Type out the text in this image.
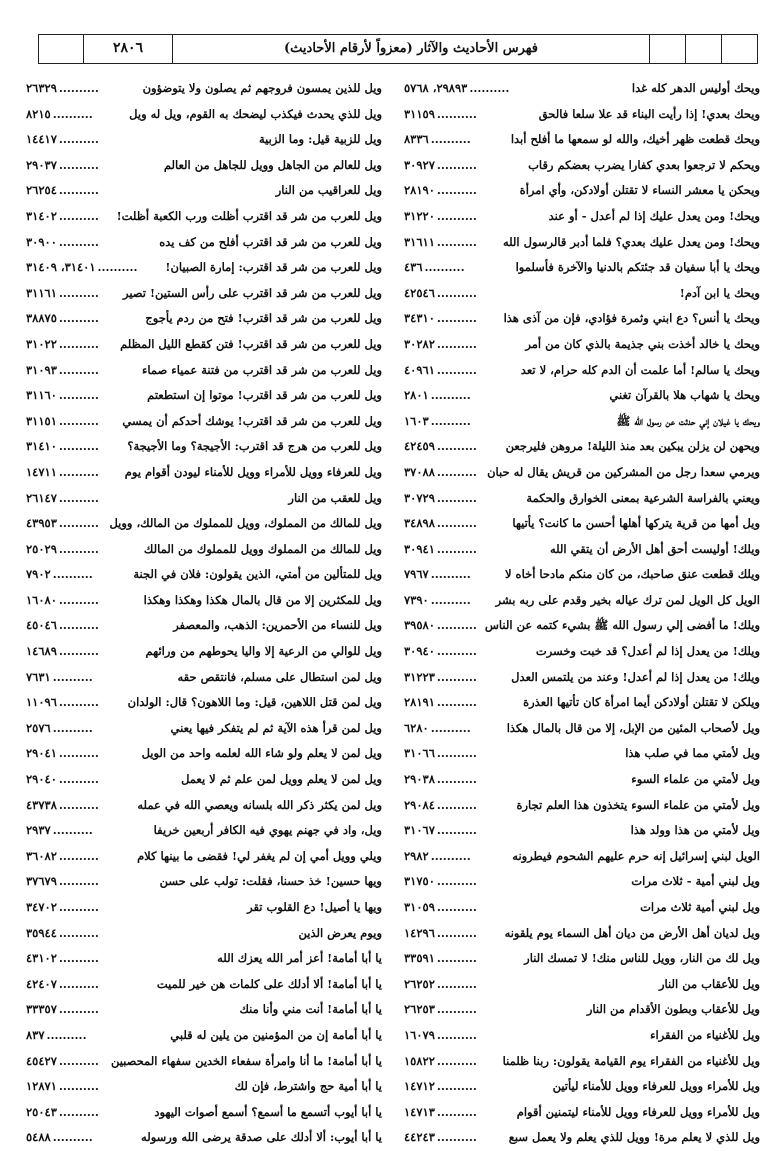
فهرس الأحاديث والآثار (معزواً لأرقام الأحاديث)
٢٨٠٦
ويحك أوليس الدهر كله غدا
..........
٢٩٨٩٣، ٥٧٦٨
ويحك بعدي! إذا رأيت البناء قد علا سلعا فالحق
..........
٣١١٥٩
ويحك قطعت ظهر أخيك، والله لو سمعها ما أفلح أبدا
..........
٨٣٣٦
ويحكم لا ترجعوا بعدي كفارا يضرب بعضكم رقاب
..........
٣٠٩٢٧
ويحكن يا معشر النساء لا تقتلن أولادكن، وأي امرأة
..........
٢٨١٩٠
ويحك! ومن يعدل عليك إذا لم أعدل - أو عند
..........
٣١٢٢٠
ويحك! ومن يعدل عليك بعدي؟ فلما أدبر قالرسول الله
..........
٣١٦١١
ويحك يا أبا سفيان قد جئتكم بالدنيا والآخرة فأسلموا
..........
٤٣٦
ويحك يا ابن آدم!
..........
٤٢٥٤٦
ويحك يا أنس؟ دع ابني وثمرة فؤادي، فإن من آذى هذا
..........
٣٤٣١٠
ويحك يا خالد أخذت بني جذيمة بالذي كان من أمر
..........
٣٠٢٨٢
ويحك يا سالم! أما علمت أن الدم كله حرام، لا تعد
..........
٤٠٩٦١
ويحك يا شهاب هلا بالقرآن تغني
..........
٢٨٠١
ويحك يا غيلان إني حدثت عن رسول الله ﷺ
..........
١٦٠٣
ويحهن لن يزلن يبكين بعد منذ الليلة! مروهن فليرجعن
..........
٤٢٤٥٩
ويرمي سعدا رجل من المشركين من قريش يقال له حبان
..........
٣٧٠٨٨
ويعني بالفراسة الشرعية بمعنى الخوارق والحكمة
..........
٣٠٧٢٩
ويل أمها من قرية يتركها أهلها أحسن ما كانت؟ يأتيها
..........
٣٤٨٩٨
ويلك! أوليست أحق أهل الأرض أن يتقي الله
..........
٣٠٩٤١
ويلك قطعت عنق صاحبك، من كان منكم مادحا أخاه لا
..........
٧٩٦٧
الويل كل الويل لمن ترك عياله بخير وقدم على ربه بشر
..........
٧٣٩٠
ويلك! ما أفضى إلي رسول الله ﷺ بشيء كتمه عن الناس
..........
٣٩٥٨٠
ويلك! من يعدل إذا لم أعدل؟ قد خبت وخسرت
..........
٣٠٩٤٠
ويلك! من يعدل إذا لم أعدل! وعند من يلتمس العدل
..........
٣١٢٢٣
ويلكن لا تقتلن أولادكن أيما امرأة كان تأتيها العذرة
..........
٢٨١٩١
ويل لأصحاب المئين من الإبل، إلا من قال بالمال هكذا
..........
٦٢٨٠
ويل لأمتي مما في صلب هذا
..........
٣١٠٦٦
ويل لأمتي من علماء السوء
..........
٢٩٠٣٨
ويل لأمتي من علماء السوء يتخذون هذا العلم تجارة
..........
٢٩٠٨٤
ويل لأمتي من هذا وولد هذا
..........
٣١٠٦٧
الويل لبني إسرائيل إنه حرم عليهم الشحوم فيطرونه
..........
٢٩٨٢
ويل لبني أمية - ثلاث مرات
..........
٣١٧٥٠
ويل لبني أمية ثلاث مرات
..........
٣١٠٥٩
ويل لديان أهل الأرض من ديان أهل السماء يوم يلقونه
..........
١٤٢٩٦
ويل لك من النار، وويل للناس منك! لا تمسك النار
..........
٣٣٥٩١
ويل للأعقاب من النار
..........
٢٦٢٥٢
ويل للأعقاب وبطون الأقدام من النار
..........
٢٦٢٥٣
ويل للأغنياء من الفقراء
..........
١٦٠٧٩
ويل للأغنياء من الفقراء يوم القيامة يقولون: ربنا ظلمنا
..........
١٥٨٢٢
ويل للأمراء وويل للعرفاء وويل للأمناء ليأتين
..........
١٤٧١٢
ويل للأمراء وويل للعرفاء وويل للأمناء ليتمنين أقوام
..........
١٤٧١٣
ويل للذي لا يعلم مرة! وويل للذي يعلم ولا يعمل سبع
..........
٤٤٢٤٣
ويل للذين يمسون فروجهم ثم يصلون ولا يتوضؤون
..........
٢٦٣٢٩
ويل للذي يحدث فيكذب ليضحك به القوم، ويل له ويل
..........
٨٢١٥
ويل للزبية قيل: وما الزبية
..........
١٤٤١٧
ويل للعالم من الجاهل وويل للجاهل من العالم
..........
٢٩٠٣٧
ويل للعراقيب من النار
..........
٢٦٢٥٤
ويل للعرب من شر قد اقترب أظلت ورب الكعبة أظلت!
..........
٣١٤٠٢
ويل للعرب من شر قد اقترب أفلح من كف يده
..........
٣٠٩٠٠
ويل للعرب من شر قد اقترب: إمارة الصبيان!
..........
٣١٤٠١، ٣١٤٠٩
ويل للعرب من شر قد اقترب على رأس الستين! تصير
..........
٣١١٦١
ويل للعرب من شر قد اقترب! فتح من ردم يأجوج
..........
٣٨٨٧٥
ويل للعرب من شر قد اقترب! فتن كقطع الليل المظلم
..........
٣١٠٢٢
ويل للعرب من شر قد اقترب من فتنة عمياء صماء
..........
٣١٠٩٣
ويل للعرب من شر قد اقترب! موتوا إن استطعتم
..........
٣١١٦٠
ويل للعرب من شر قد اقترب! يوشك أحدكم أن يمسي
..........
٣١١٥١
ويل للعرب من هرج قد اقترب: الأجيجة؟ وما الأجيجة؟
..........
٣١٤١٠
ويل للعرفاء وويل للأمراء وويل للأمناء ليودن أقوام يوم
..........
١٤٧١١
ويل للعقب من النار
..........
٢٦١٤٧
ويل للمالك من المملوك، وويل للمملوك من المالك، وويل
..........
٤٣٩٥٣
ويل للمالك من المملوك وويل للمملوك من المالك
..........
٢٥٠٢٩
ويل للمتألين من أمتي، الذين يقولون: فلان في الجنة
..........
٧٩٠٢
ويل للمكثرين إلا من قال بالمال هكذا وهكذا وهكذا
..........
١٦٠٨٠
ويل للنساء من الأحمرين: الذهب، والمعصفر
..........
٤٥٠٤٦
ويل للوالي من الرعية إلا واليا يحوطهم من ورائهم
..........
١٤٦٨٩
ويل لمن استطال على مسلم، فانتقص حقه
..........
٧٦٣١
ويل لمن قتل اللاهين، قيل: وما اللاهون؟ قال: الولدان
..........
١١٠٩٦
ويل لمن قرأ هذه الآية ثم لم يتفكر فيها يعني
..........
٢٥٧٦
ويل لمن لا يعلم ولو شاء الله لعلمه واحد من الويل
..........
٢٩٠٤١
ويل لمن لا يعلم وويل لمن علم ثم لا يعمل
..........
٢٩٠٤٠
ويل لمن يكثر ذكر الله بلسانه ويعصي الله في عمله
..........
٤٣٧٣٨
ويل، واد في جهنم يهوي فيه الكافر أربعين خريفا
..........
٢٩٣٧
ويلي وويل أمي إن لم يغفر لي! فقضى ما بينها كلام
..........
٣٦٠٨٢
ويها حسين! خذ حسنا، فقلت: تولب على حسن
..........
٣٧٦٧٩
ويها يا أصيل! دع القلوب تقر
..........
٣٤٧٠٢
ويوم يعرض الذين
..........
٣٥٩٤٤
يا أبا أمامة! أعز أمر الله يعزك الله
..........
٤٣١٠٢
يا أبا أمامة! ألا أدلك على كلمات هن خير للميت
..........
٤٢٤٠٧
يا أبا أمامة! أنت مني وأنا منك
..........
٣٣٣٥٧
يا أبا أمامة إن من المؤمنين من يلين له قلبي
..........
٨٣٧
يا أبا أمامة! ما أنا وامرأة سفعاء الخدين سفهاء المحصبين
..........
٤٥٤٢٧
يا أبا أمية حج واشترط، فإن لك
..........
١٢٨٧١
يا أبا أيوب أتسمع ما أسمع؟ أسمع أصوات اليهود
..........
٢٥٠٤٣
يا أبا أيوب: ألا أدلك على صدقة يرضى الله ورسوله
..........
٥٤٨٨
